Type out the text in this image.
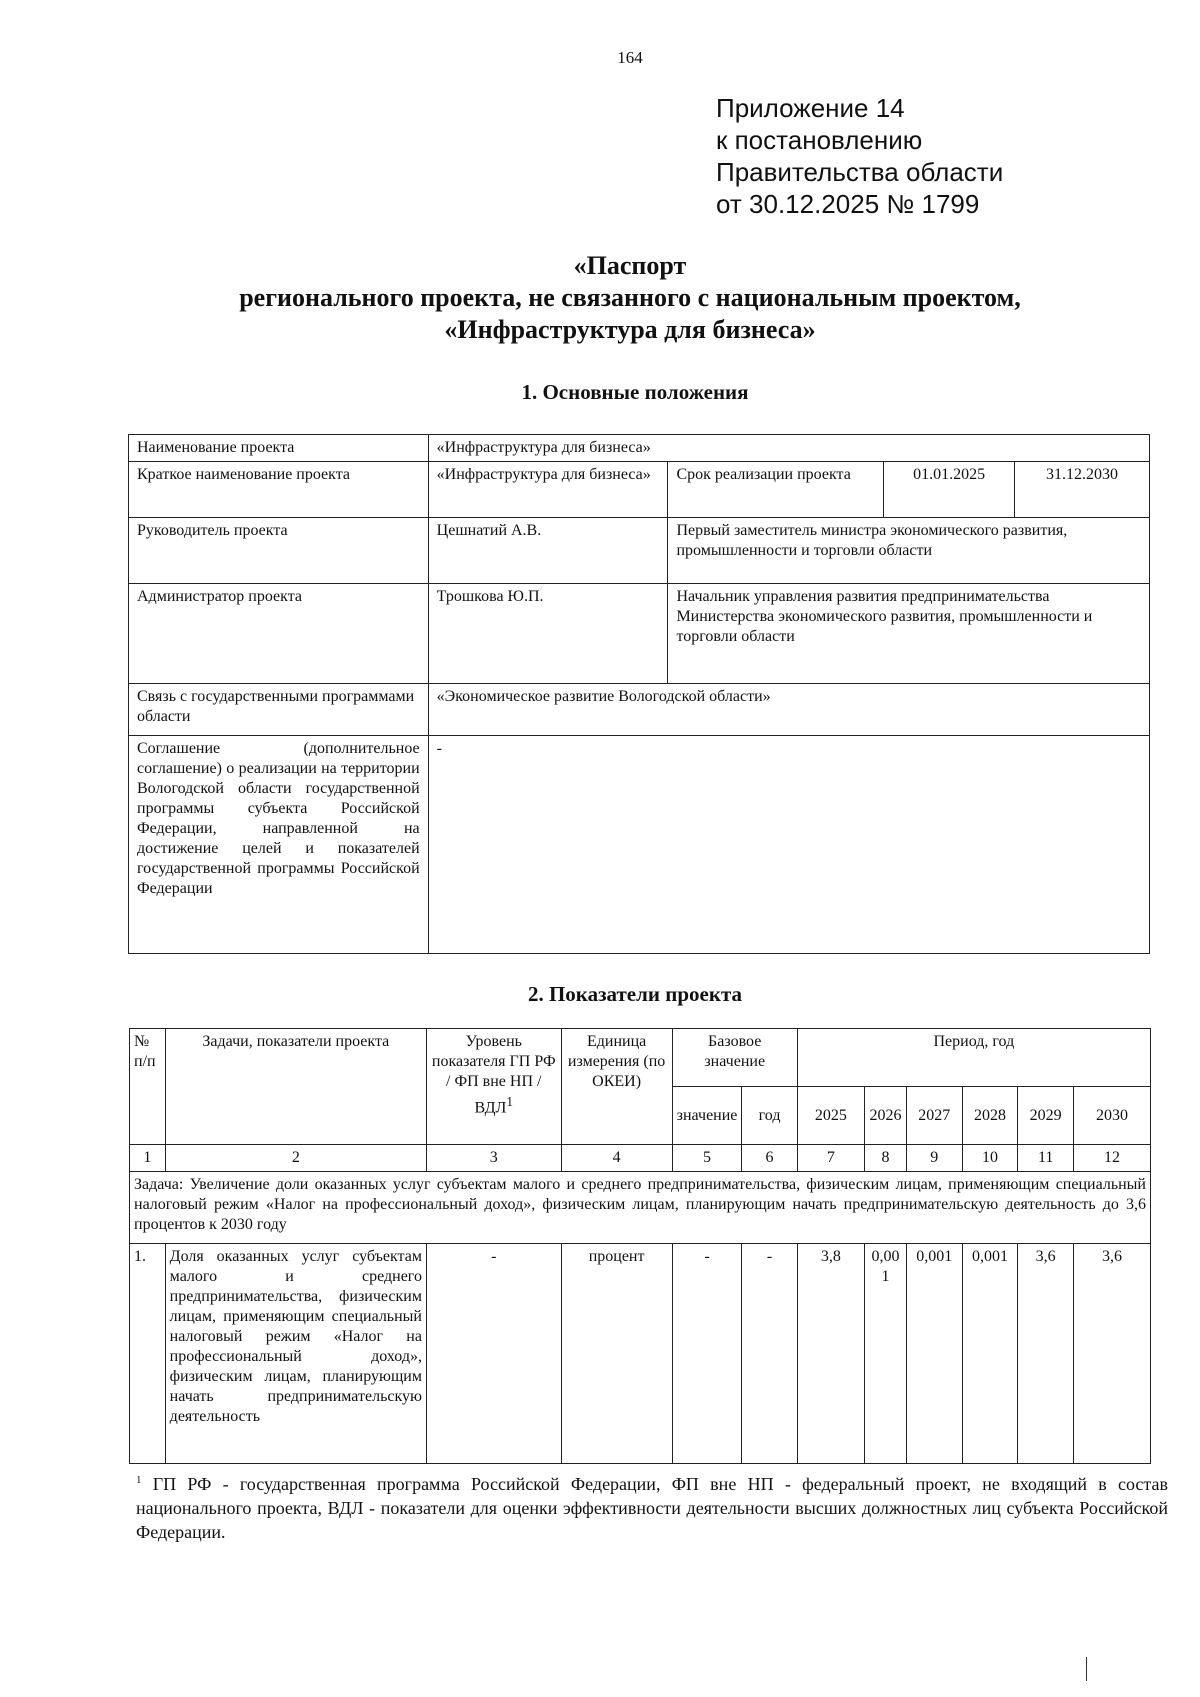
164
Приложение 14
к постановлению
Правительства области
от 30.12.2025 № 1799
«Паспорт
регионального проекта, не связанного с национальным проектом,
«Инфраструктура для бизнеса»
1. Основные положения
Наименование проекта	«Инфраструктура для бизнеса»			
Краткое наименование проекта	«Инфраструктура для бизнеса»	Срок реализации проекта	01.01.2025	31.12.2030
Руководитель проекта	Цешнатий А.В.	Первый заместитель министра экономического развития, промышленности и торговли области		
Администратор проекта	Трошкова Ю.П.	Начальник управления развития предпринимательства Министерства экономического развития, промышленности и торговли области		
Связь с государственными программами области	«Экономическое развитие Вологодской области»			
Соглашение (дополнительное соглашение) о реализации на территории Вологодской области государственной программы субъекта Российской Федерации, направленной на достижение целей и показателей государственной программы Российской Федерации	-			
2. Показатели проекта
№ п/п	Задачи, показатели проекта	Уровень показателя ГП РФ / ФП вне НП / ВДЛ$^1$	Единица измерения (по ОКЕИ)	Базовое значение		Период, год					
				значение	год	2025	2026	2027	2028	2029	2030
1	2	3	4	5	6	7	8	9	10	11	12
Задача: Увеличение доли оказанных услуг субъектам малого и среднего предпринимательства, физическим лицам, применяющим специальный налоговый режим «Налог на профессиональный доход», физическим лицам, планирующим начать предпринимательскую деятельность до 3,6 процентов к 2030 году											
1.	Доля оказанных услуг субъектам малого и среднего предпринимательства, физическим лицам, применяющим специальный налоговый режим «Налог на профессиональный доход», физическим лицам, планирующим начать предпринимательскую деятельность	-	процент	-	-	3,8	0,001	0,001	0,001	3,6	3,6
$^1$ ГП РФ - государственная программа Российской Федерации, ФП вне НП - федеральный проект, не входящий в состав национального проекта, ВДЛ - показатели для оценки эффективности деятельности высших должностных лиц субъекта Российской Федерации.
